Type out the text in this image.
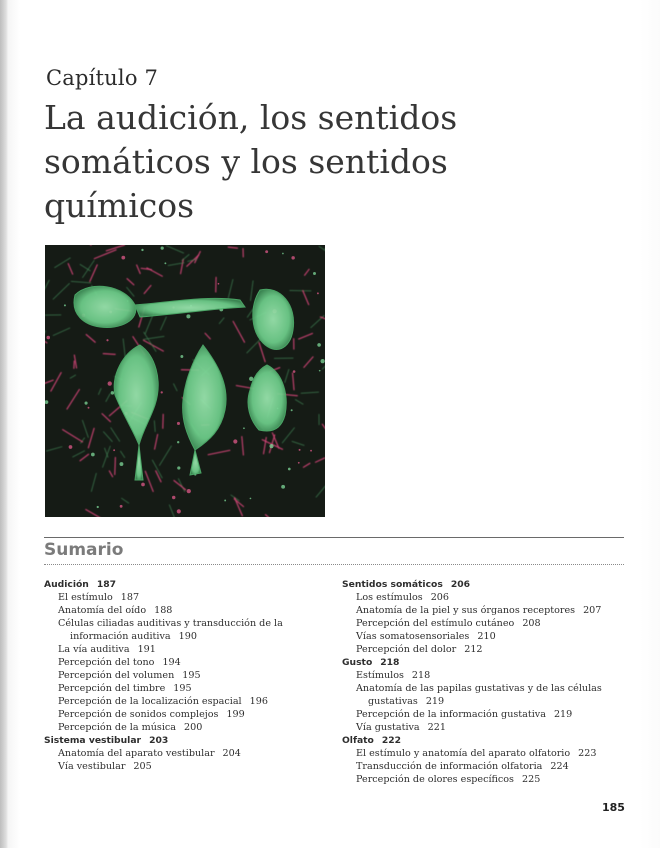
Capítulo 7
La audición, los sentidos somáticos y los sentidos químicos
Sumario

Audición 187

El estímulo 187

Anatomía del oído 188

Células ciliadas auditivas y transducción de la información auditiva 190

La vía auditiva 191

Percepción del tono 194

Percepción del volumen 195

Percepción del timbre 195

Percepción de la localización espacial 196

Percepción de sonidos complejos 199

Percepción de la música 200

Sistema vestibular 203

Anatomía del aparato vestibular 204

Vía vestibular 205

Sentidos somáticos 206

Los estímulos 206

Anatomía de la piel y sus órganos receptores 207

Percepción del estímulo cutáneo 208

Vías somatosensoriales 210

Percepción del dolor 212

Gusto 218

Estímulos 218

Anatomía de las papilas gustativas y de las células gustativas 219

Percepción de la información gustativa 219

Vía gustativa 221

Olfato 222

El estímulo y anatomía del aparato olfatorio 223

Transducción de información olfatoria 224

Percepción de olores específicos 225

185
